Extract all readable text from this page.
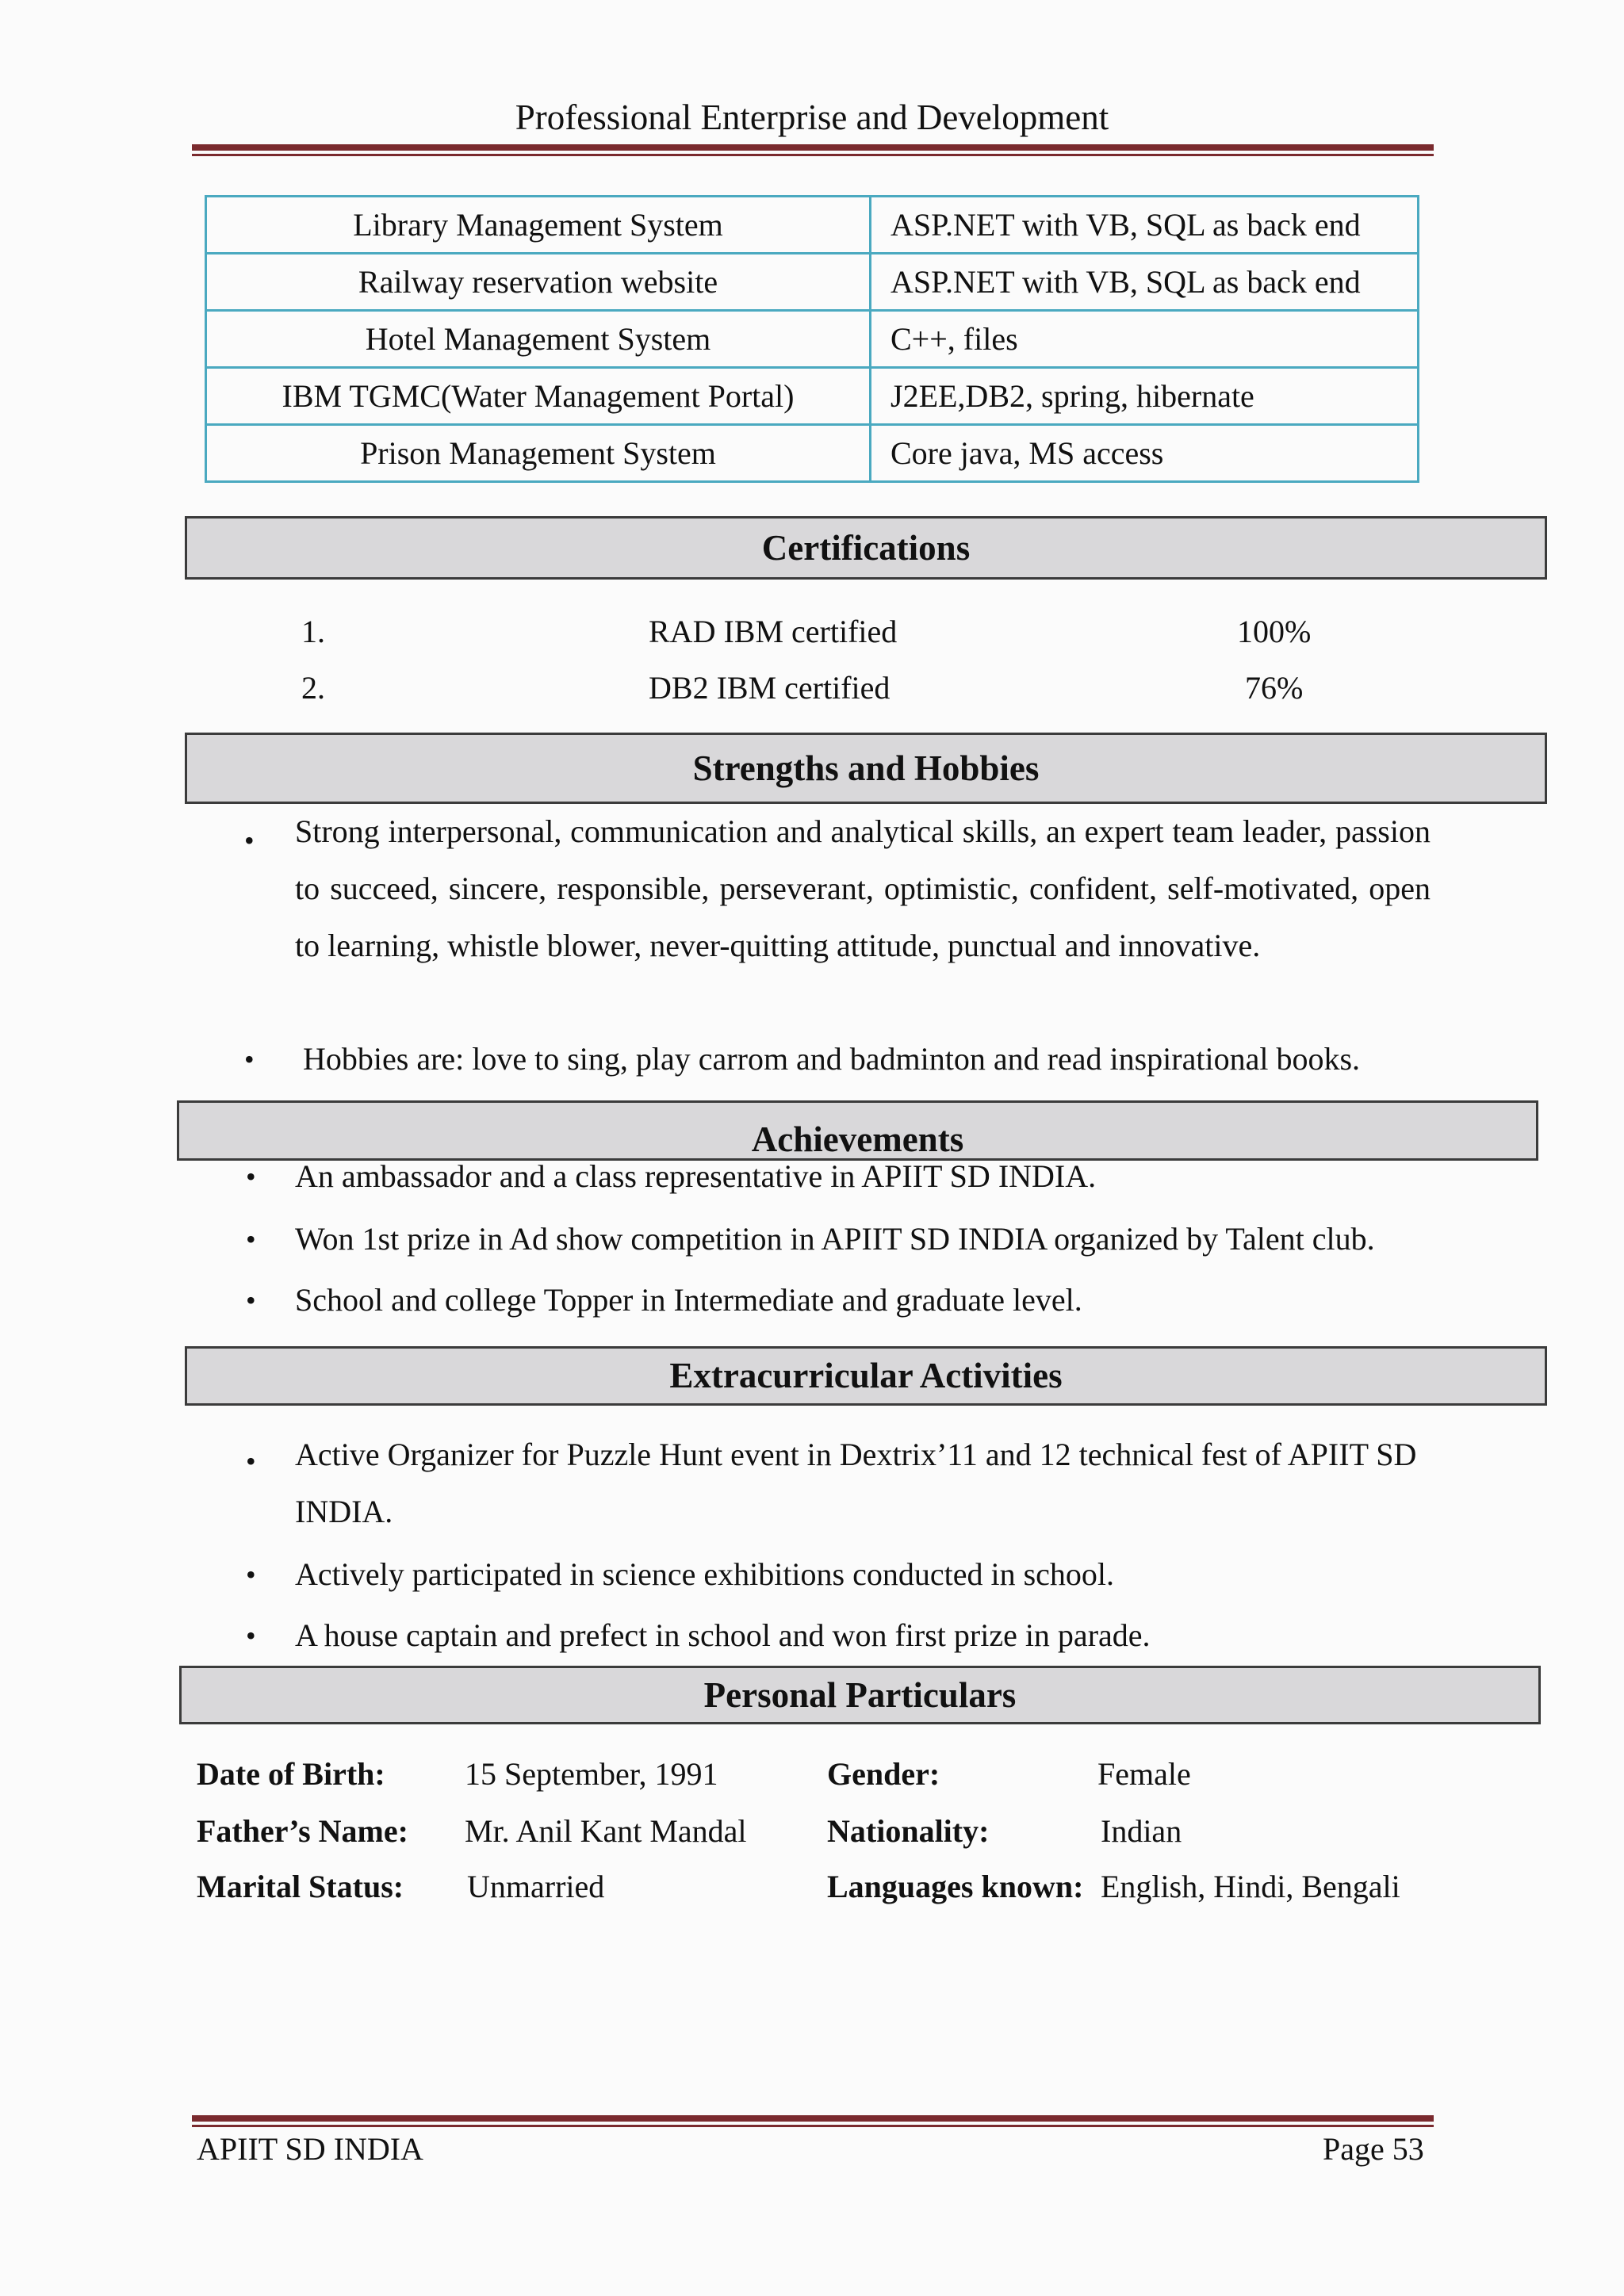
Professional Enterprise and Development
Library Management System	ASP.NET with VB, SQL as back end
Railway reservation website	ASP.NET with VB, SQL as back end
Hotel Management System	C++, files
IBM TGMC(Water Management Portal)	J2EE,DB2, spring, hibernate
Prison Management System	Core java, MS access
Certifications
1.	RAD IBM certified	100%
2.	DB2 IBM certified	76%
Strengths and Hobbies
• Strong interpersonal, communication and analytical skills, an expert team leader, passion to succeed, sincere, responsible, perseverant, optimistic, confident, self-motivated, open to learning, whistle blower, never-quitting attitude, punctual and innovative.
• Hobbies are: love to sing, play carrom and badminton and read inspirational books.
Achievements
• An ambassador and a class representative in APIIT SD INDIA.
• Won 1st prize in Ad show competition in APIIT SD INDIA organized by Talent club.
• School and college Topper in Intermediate and graduate level.
Extracurricular Activities
• Active Organizer for Puzzle Hunt event in Dextrix’11 and 12 technical fest of APIIT SD INDIA.
• Actively participated in science exhibitions conducted in school.
• A house captain and prefect in school and won first prize in parade.
Personal Particulars
Date of Birth:	15 September, 1991	Gender:	Female
Father’s Name: Mr. Anil Kant Mandal	Nationality:	Indian
Marital Status: Unmarried	Languages known: English, Hindi, Bengali
APIIT SD INDIA	Page 53
